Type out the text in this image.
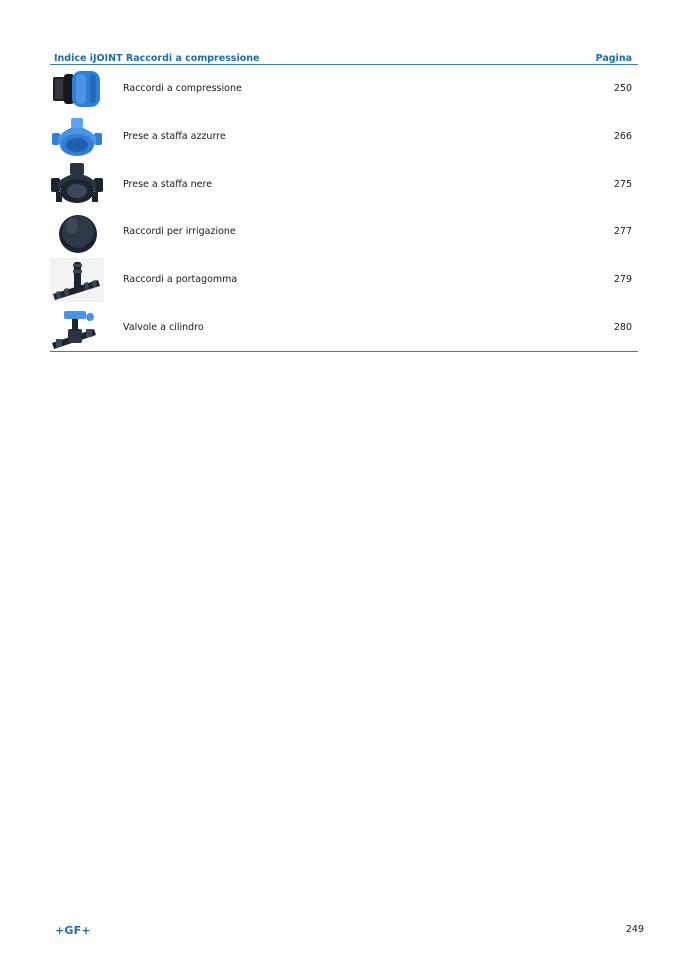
Indice iJOINT Raccordi a compressione	Pagina
Raccordi a compressione	250
Prese a staffa azzurre	266
Prese a staffa nere	275
Raccordi per irrigazione	277
Raccordi a portagomma	279
Valvole a cilindro	280
+GF+	249
